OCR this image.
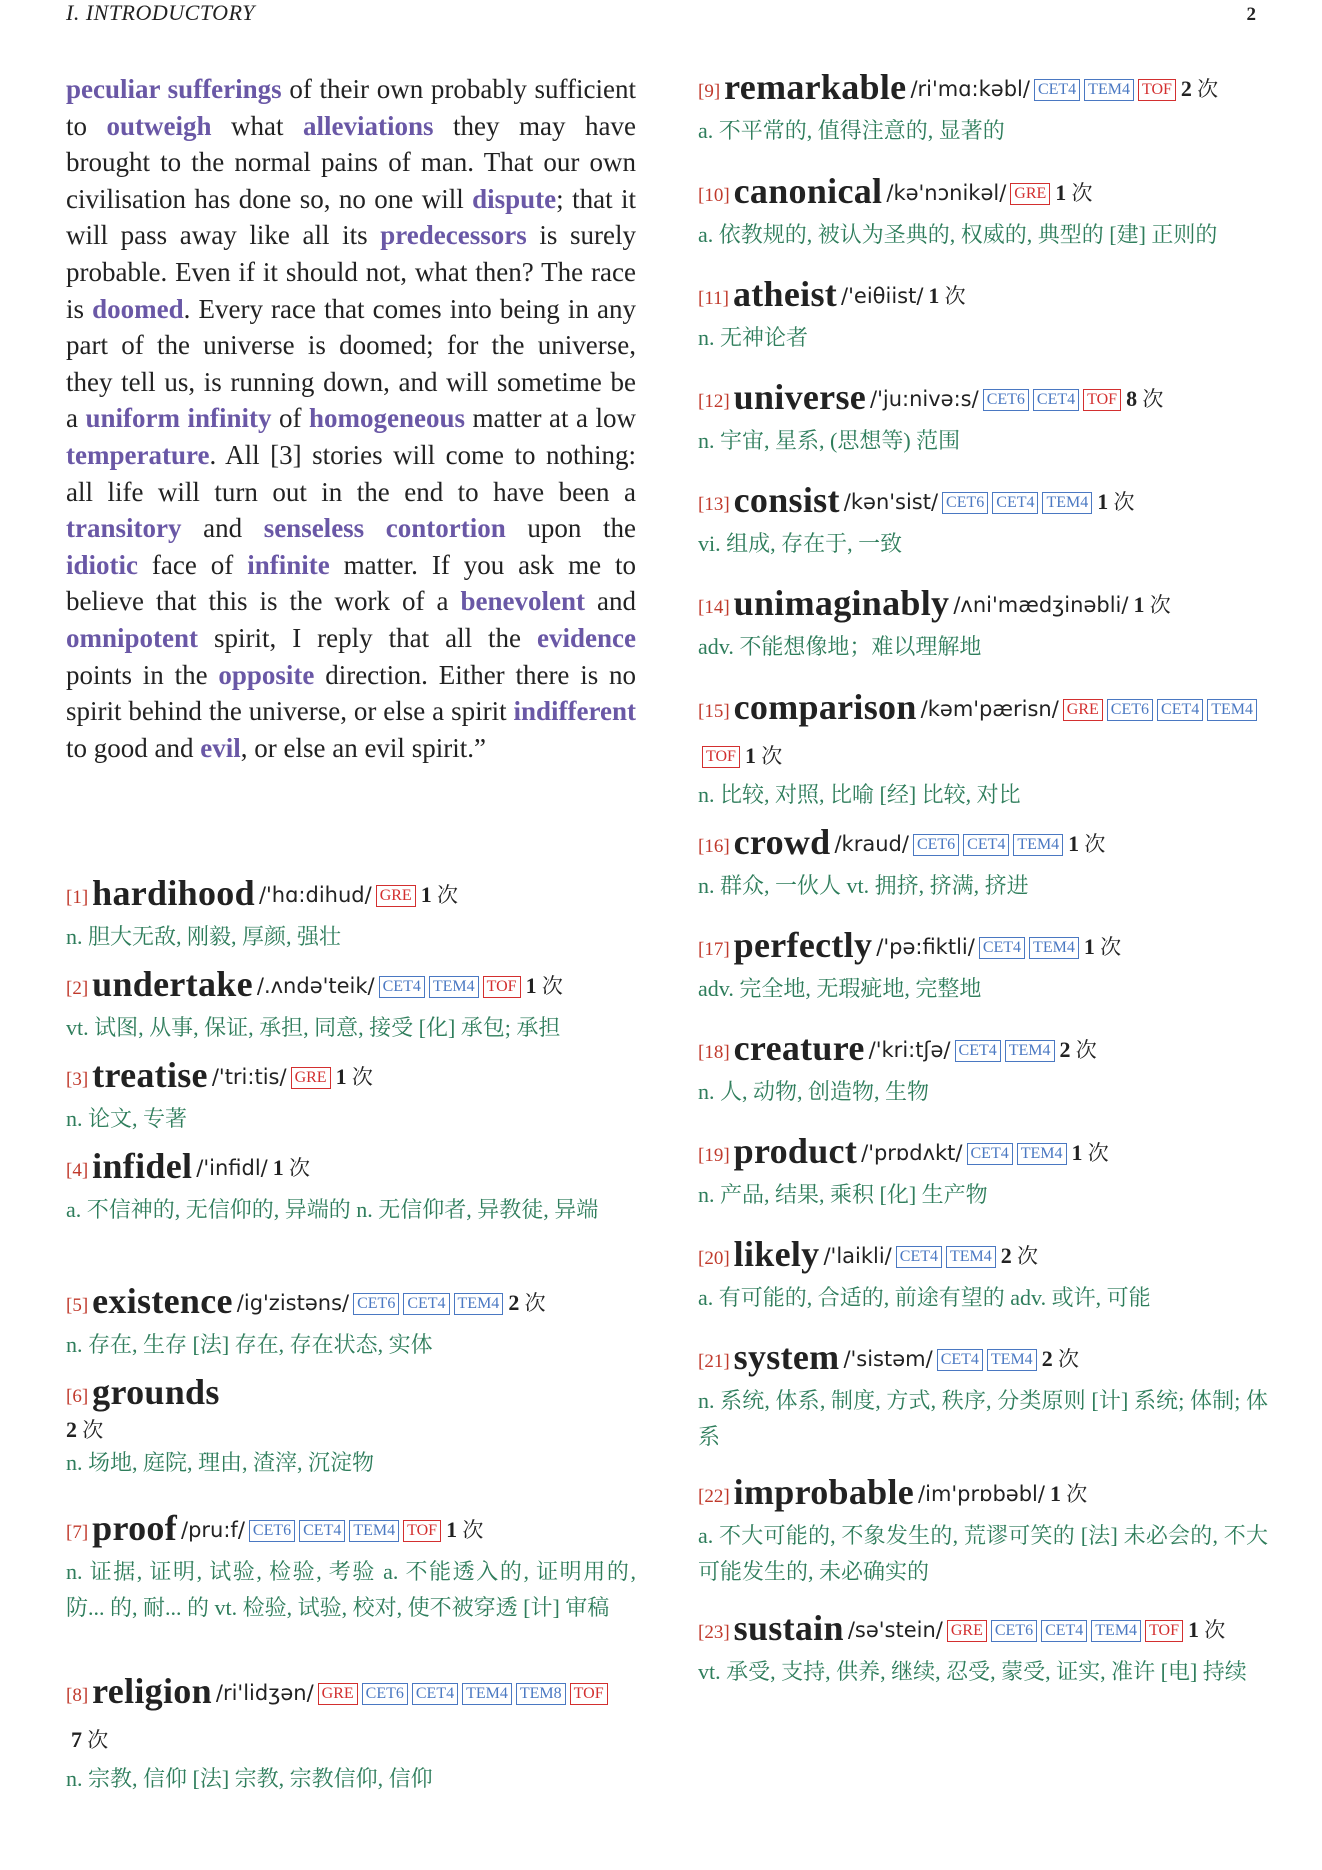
I. INTRODUCTORY	2

peculiar sufferings of their own probably sufficient to outweigh what alleviations they may have brought to the normal pains of man. That our own civilisation has done so, no one will dispute; that it will pass away like all its predecessors is surely probable. Even if it should not, what then? The race is doomed. Every race that comes into being in any part of the universe is doomed; for the universe, they tell us, is running down, and will sometime be a uniform infinity of homogeneous matter at a low temperature. All [3] stories will come to nothing: all life will turn out in the end to have been a transitory and senseless contortion upon the idiotic face of infinite matter. If you ask me to believe that this is the work of a benevolent and omnipotent spirit, I reply that all the evidence points in the opposite direction. Either there is no spirit behind the universe, or else a spirit indifferent to good and evil, or else an evil spirit.”

[1] hardihood /'hɑ:dihud/ GRE 1 次
n. 胆大无敌, 刚毅, 厚颜, 强壮
[2] undertake /.ʌndə'teik/ CET4 TEM4 TOF 1 次
vt. 试图, 从事, 保证, 承担, 同意, 接受 [化] 承包; 承担
[3] treatise /'tri:tis/ GRE 1 次
n. 论文, 专著
[4] infidel /'infidl/ 1 次
a. 不信神的, 无信仰的, 异端的 n. 无信仰者, 异教徒, 异端
[5] existence /ig'zistəns/ CET6 CET4 TEM4 2 次
n. 存在, 生存 [法] 存在, 存在状态, 实体
[6] grounds
2 次
n. 场地, 庭院, 理由, 渣滓, 沉淀物
[7] proof /pru:f/ CET6 CET4 TEM4 TOF 1 次
n. 证据, 证明, 试验, 检验, 考验 a. 不能透入的, 证明用的, 防... 的, 耐... 的 vt. 检验, 试验, 校对, 使不被穿透 [计] 审稿
[8] religion /ri'lidʒən/ GRE CET6 CET4 TEM4 TEM8 TOF7 次
n. 宗教, 信仰 [法] 宗教, 宗教信仰, 信仰
[9] remarkable /ri'mɑ:kəbl/ CET4 TEM4 TOF 2 次
a. 不平常的, 值得注意的, 显著的
[10] canonical /kə'nɔnikəl/ GRE 1 次
a. 依教规的, 被认为圣典的, 权威的, 典型的 [建] 正则的
[11] atheist /'eiθiist/ 1 次
n. 无神论者
[12] universe /'ju:nivə:s/ CET6 CET4 TOF 8 次
n. 宇宙, 星系, (思想等) 范围
[13] consist /kən'sist/ CET6 CET4 TEM4 1 次
vi. 组成, 存在于, 一致
[14] unimaginably /ʌni'mædʒinəbli/ 1 次
adv. 不能想像地；难以理解地
[15] comparison /kəm'pærisn/ GRE CET6 CET4 TEM4TOF 1 次
n. 比较, 对照, 比喻 [经] 比较, 对比
[16] crowd /kraud/ CET6 CET4 TEM4 1 次
n. 群众, 一伙人 vt. 拥挤, 挤满, 挤进
[17] perfectly /'pə:fiktli/ CET4 TEM4 1 次
adv. 完全地, 无瑕疵地, 完整地
[18] creature /'kri:tʃə/ CET4 TEM4 2 次
n. 人, 动物, 创造物, 生物
[19] product /'prɒdʌkt/ CET4 TEM4 1 次
n. 产品, 结果, 乘积 [化] 生产物
[20] likely /'laikli/ CET4 TEM4 2 次
a. 有可能的, 合适的, 前途有望的 adv. 或许, 可能
[21] system /'sistəm/ CET4 TEM4 2 次
n. 系统, 体系, 制度, 方式, 秩序, 分类原则 [计] 系统; 体制; 体系
[22] improbable /im'prɒbəbl/ 1 次
a. 不大可能的, 不象发生的, 荒谬可笑的 [法] 未必会的, 不大可能发生的, 未必确实的
[23] sustain /sə'stein/ GRE CET6 CET4 TEM4 TOF 1 次
vt. 承受, 支持, 供养, 继续, 忍受, 蒙受, 证实, 准许 [电] 持续
